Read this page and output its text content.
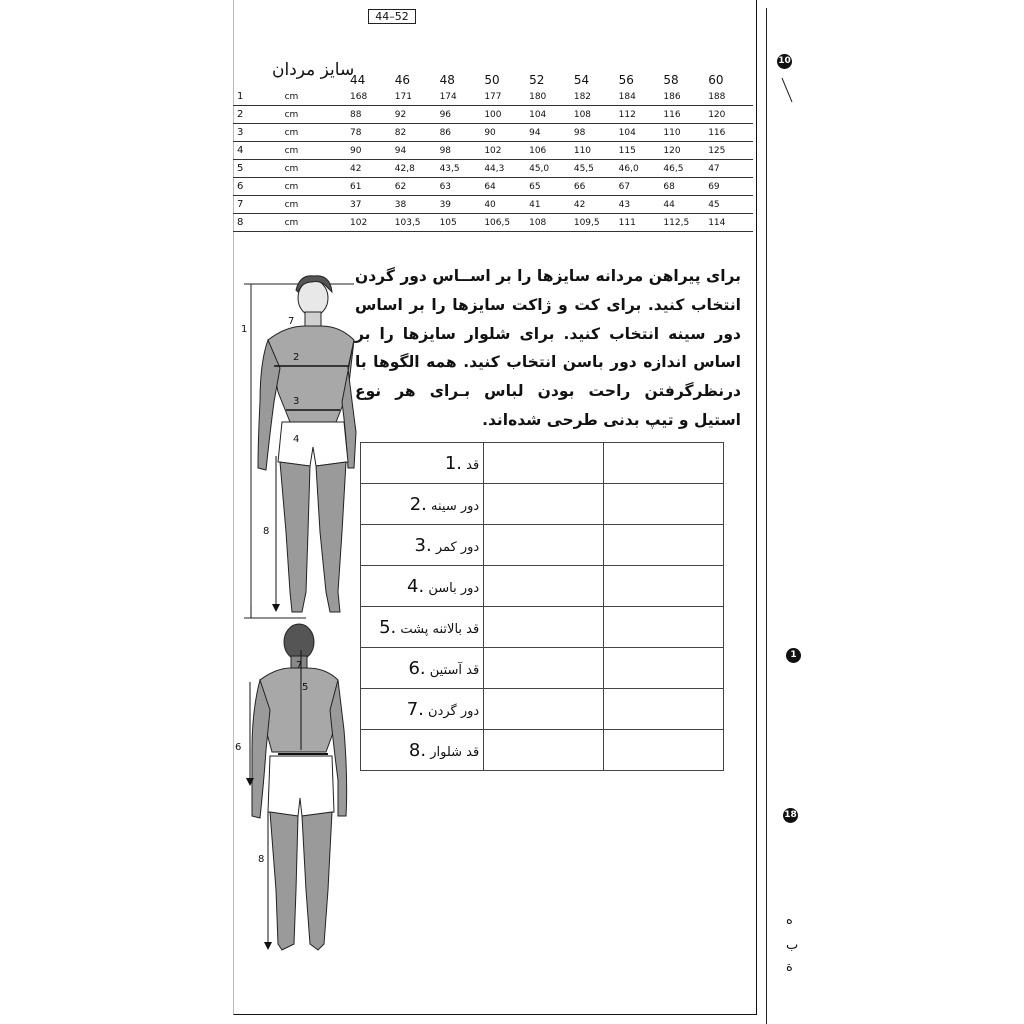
44–52
سایز مردان
		44	46	48	50	52	54	56	58	60
1	cm	168	171	174	177	180	182	184	186	188
2	cm	88	92	96	100	104	108	112	116	120
3	cm	78	82	86	90	94	98	104	110	116
4	cm	90	94	98	102	106	110	115	120	125
5	cm	42	42,8	43,5	44,3	45,0	45,5	46,0	46,5	47
6	cm	61	62	63	64	65	66	67	68	69
7	cm	37	38	39	40	41	42	43	44	45
8	cm	102	103,5	105	106,5	108	109,5	111	112,5	114
برای پیراهن مردانه سایزها را بر اســاس دور گردن انتخاب کنید. برای کت و ژاکت سایزها را بر اساس دور سینه انتخاب کنید. برای شلوار سایزها را بر اساس اندازه دور باسن انتخاب کنید. همه الگوها با درنظرگرفتن راحت بودن لباس بـرای هر نوع استیل و تیپ بدنی طرحی شده‌اند.
قد 1.		
دور سینه 2.		
دور کمر 3.		
دور باسن 4.		
قد بالاتنه پشت 5.		
قد آستین 6.		
دور گردن 7.		
قد شلوار 8.		
1
7
2
3
4
8
7
5
6
8
10
1
18
ه
ب
ة
